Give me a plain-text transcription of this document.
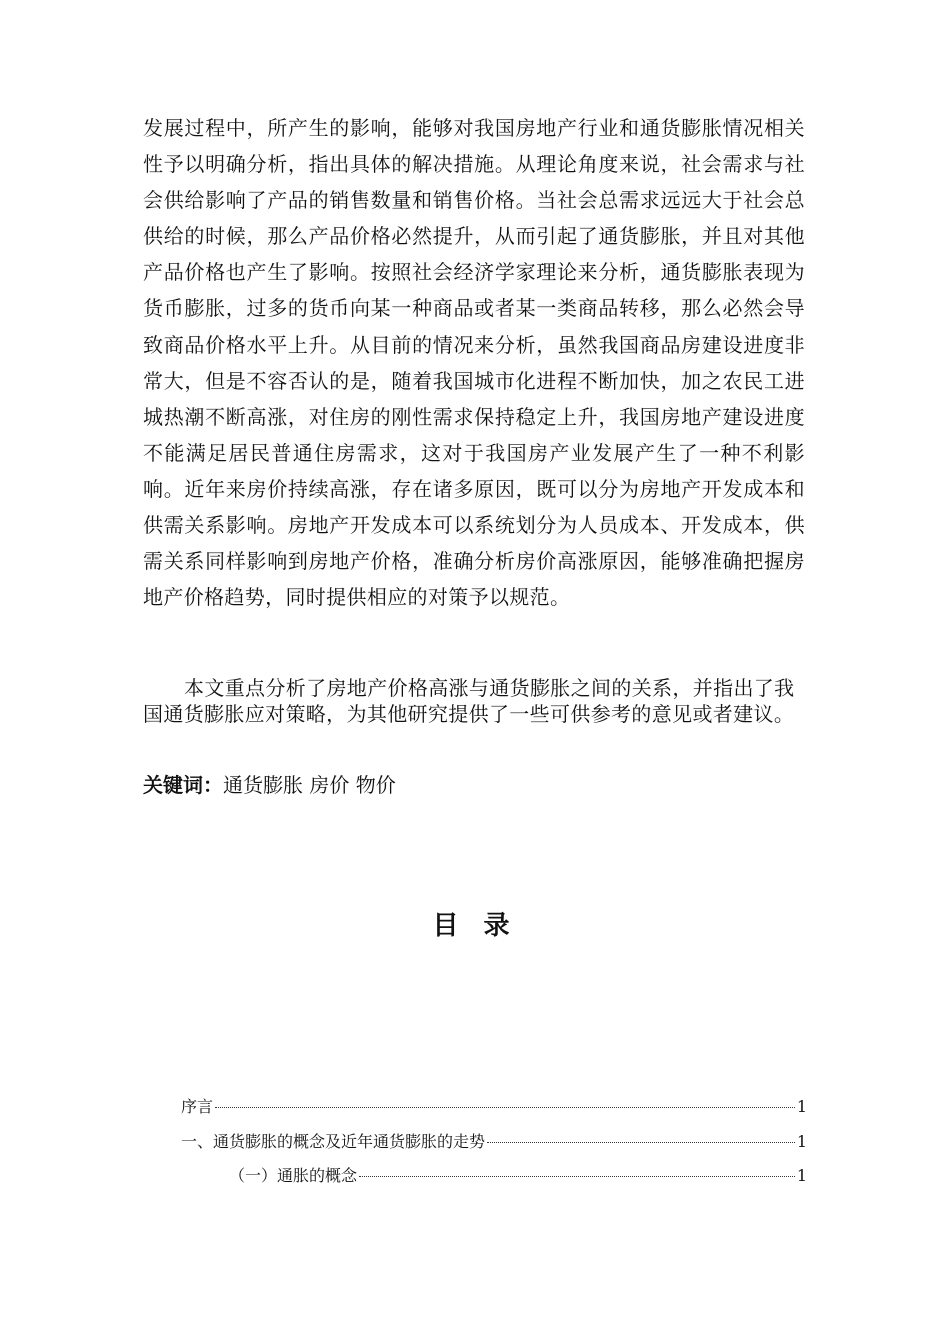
发展过程中，所产生的影响，能够对我国房地产行业和通货膨胀情况相关性予以明确分析，指出具体的解决措施。从理论角度来说，社会需求与社会供给影响了产品的销售数量和销售价格。当社会总需求远远大于社会总供给的时候，那么产品价格必然提升，从而引起了通货膨胀，并且对其他产品价格也产生了影响。按照社会经济学家理论来分析，通货膨胀表现为货币膨胀，过多的货币向某一种商品或者某一类商品转移，那么必然会导致商品价格水平上升。从目前的情况来分析，虽然我国商品房建设进度非常大，但是不容否认的是，随着我国城市化进程不断加快，加之农民工进城热潮不断高涨，对住房的刚性需求保持稳定上升，我国房地产建设进度不能满足居民普通住房需求，这对于我国房产业发展产生了一种不利影响。近年来房价持续高涨，存在诸多原因，既可以分为房地产开发成本和供需关系影响。房地产开发成本可以系统划分为人员成本、开发成本，供需关系同样影响到房地产价格，准确分析房价高涨原因，能够准确把握房地产价格趋势，同时提供相应的对策予以规范。

本文重点分析了房地产价格高涨与通货膨胀之间的关系，并指出了我国通货膨胀应对策略，为其他研究提供了一些可供参考的意见或者建议。

关键词：通货膨胀 房价 物价

目 录
序言	1
一、通货膨胀的概念及近年通货膨胀的走势	1
（一）通胀的概念	1
